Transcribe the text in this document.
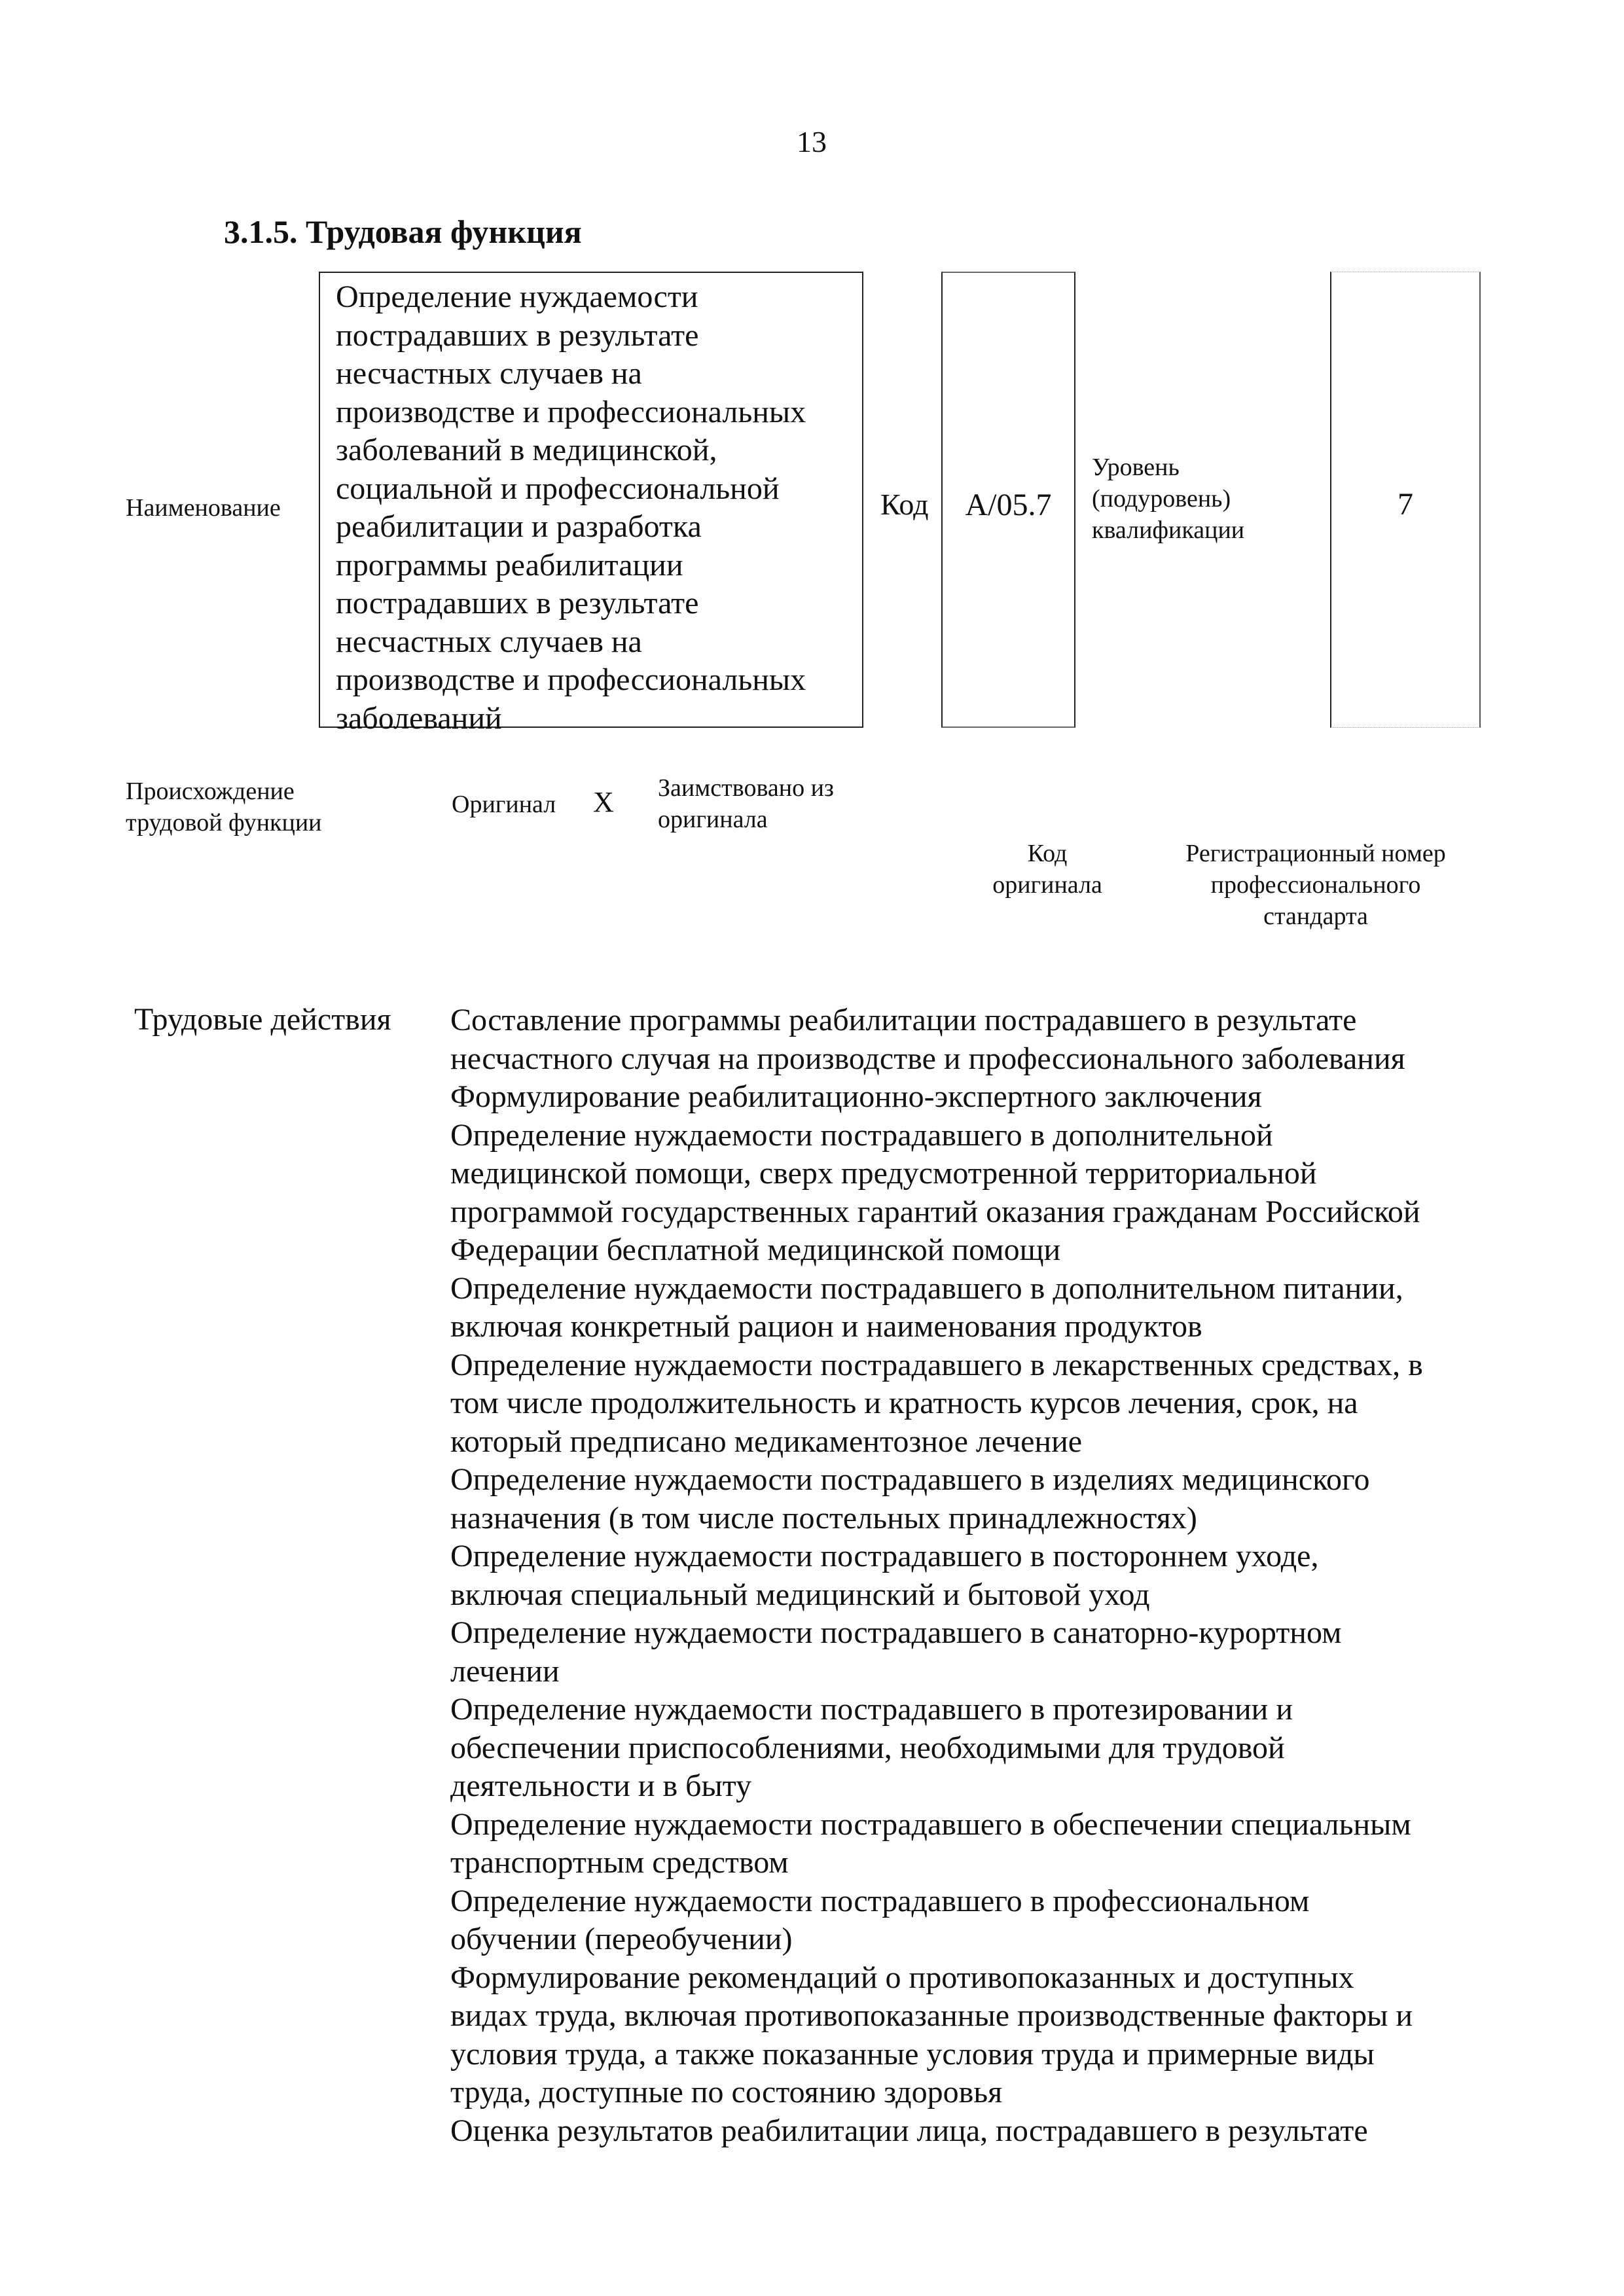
13
3.1.5. Трудовая функция
Наименование
Определение нуждаемости
пострадавших в результате
несчастных случаев на
производстве и профессиональных
заболеваний в медицинской,
социальной и профессиональной
реабилитации и разработка
программы реабилитации
пострадавших в результате
несчастных случаев на
производстве и профессиональных
заболеваний
Код	A/05.7
Уровень
(подуровень)
квалификации
7
Происхождение
трудовой функции
Оригинал X Заимствовано из
оригинала
Код
оригинала
Регистрационный номер
профессионального
стандарта
Трудовые действия Составление программы реабилитации пострадавшего в результате
несчастного случая на производстве и профессионального заболевания
Формулирование реабилитационно-экспертного заключения
Определение нуждаемости пострадавшего в дополнительной
медицинской помощи, сверх предусмотренной территориальной
программой государственных гарантий оказания гражданам Российской
Федерации бесплатной медицинской помощи
Определение нуждаемости пострадавшего в дополнительном питании,
включая конкретный рацион и наименования продуктов
Определение нуждаемости пострадавшего в лекарственных средствах, в
том числе продолжительность и кратность курсов лечения, срок, на
который предписано медикаментозное лечение
Определение нуждаемости пострадавшего в изделиях медицинского
назначения (в том числе постельных принадлежностях)
Определение нуждаемости пострадавшего в постороннем уходе,
включая специальный медицинский и бытовой уход
Определение нуждаемости пострадавшего в санаторно-курортном
лечении
Определение нуждаемости пострадавшего в протезировании и
обеспечении приспособлениями, необходимыми для трудовой
деятельности и в быту
Определение нуждаемости пострадавшего в обеспечении специальным
транспортным средством
Определение нуждаемости пострадавшего в профессиональном
обучении (переобучении)
Формулирование рекомендаций о противопоказанных и доступных
видах труда, включая противопоказанные производственные факторы и
условия труда, а также показанные условия труда и примерные виды
труда, доступные по состоянию здоровья
Оценка результатов реабилитации лица, пострадавшего в результате
